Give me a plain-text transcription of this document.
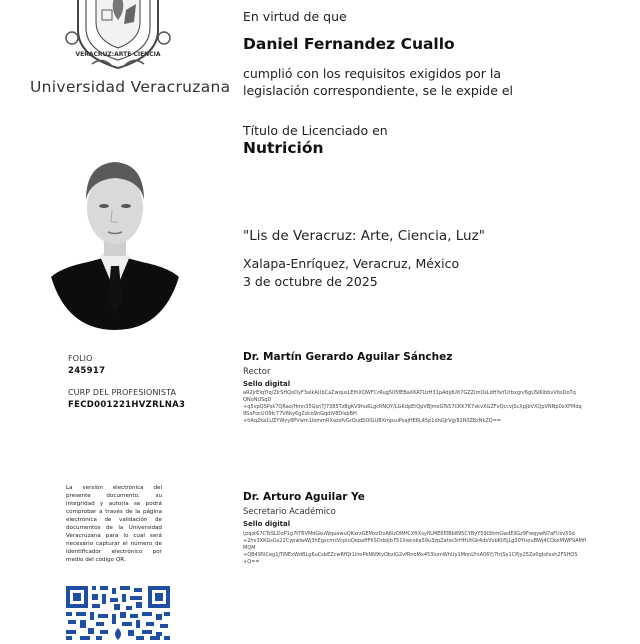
VERACRUZ:ARTE CIENCIA
Universidad Veracruzana
En virtud de que
Daniel Fernandez Cuallo
cumplió con los requisitos exigidos por la
legislación correspondiente, se le expide el
Título de Licenciado en
Nutrición
"Lis de Veracruz: Arte, Ciencia, Luz"
Xalapa-Enríquez, Veracruz, México
3 de octubre de 2025
FOLIO
245917
CURP DEL PROFESIONISTA
FECD001221HVZRLNA3
Dr. Martín Gerardo Aguilar Sánchez
Rector
Sello digital
aR2jrEIqYIq/ZlrSHQoDyF3alkAUbCaZwqusLEfhXQWFCrRug505fEBaXKATUzH31pAdjdUlt7GZZlmDsLdHYaYUrbxgn/6gUSiKibbvVbsDoTq
QNoNUSqD
+q5vpQSPsk7QRao/Hmn35GsnTJ7385TzBgKV9hu6LgcRNQY/LGKdpEtQpVBJmeGTs57CKK7K7xkvXGZFvQccvjScXpJbVXQpVNNp0xXFMdq
9SoFocUO9Ic77V6by6gZdco9nGqdIV8DIsbBH
+tlAq2ka1UZYWyy8PVwm1lommRXazsfvGrQudSOiGUBXmpsuPsajHE6L45p1dnGJrVg/82R0Z8zNkZQ==
La versión electrónica del presente documento, su integridad y autoría se podrá comprobar a través de la página electrónica de validación de documentos de la Universidad Veracruzana para lo cual será necesario capturar el número de identificador electrónico por medio del código QR.
Dr. Arturo Aguilar Ye
Secretario Académico
Sello digital
ijzqst67CTsSLDoP1g7tT6VMdGkuWquewuQKxrzGEMxzDvA6lzOlMfCXftXsyfILME6EIBb895CYByY59i3hmGwdEllGz9FwqywN7aFUsv5Sd
+2hv3XKGsGs22CypwIwWj3hEgscmsVcpIuQepaffFKSDdoijb751Xwcoka59u3zpZatss3rHHUtGk4dxVubKII5jLg30YIszuBWj4COoxMWP9AMfI
MQM
+QB495lCeg1jTiNExWdBLg6uCsbEZcwRfQt1ilmPkNN9tyObzlG2vfRnoMx453lumWhUy1MonLYnA06Yj7trjSy1CPjy25Zo0gIsllxsh2FSHQS
+Q==
